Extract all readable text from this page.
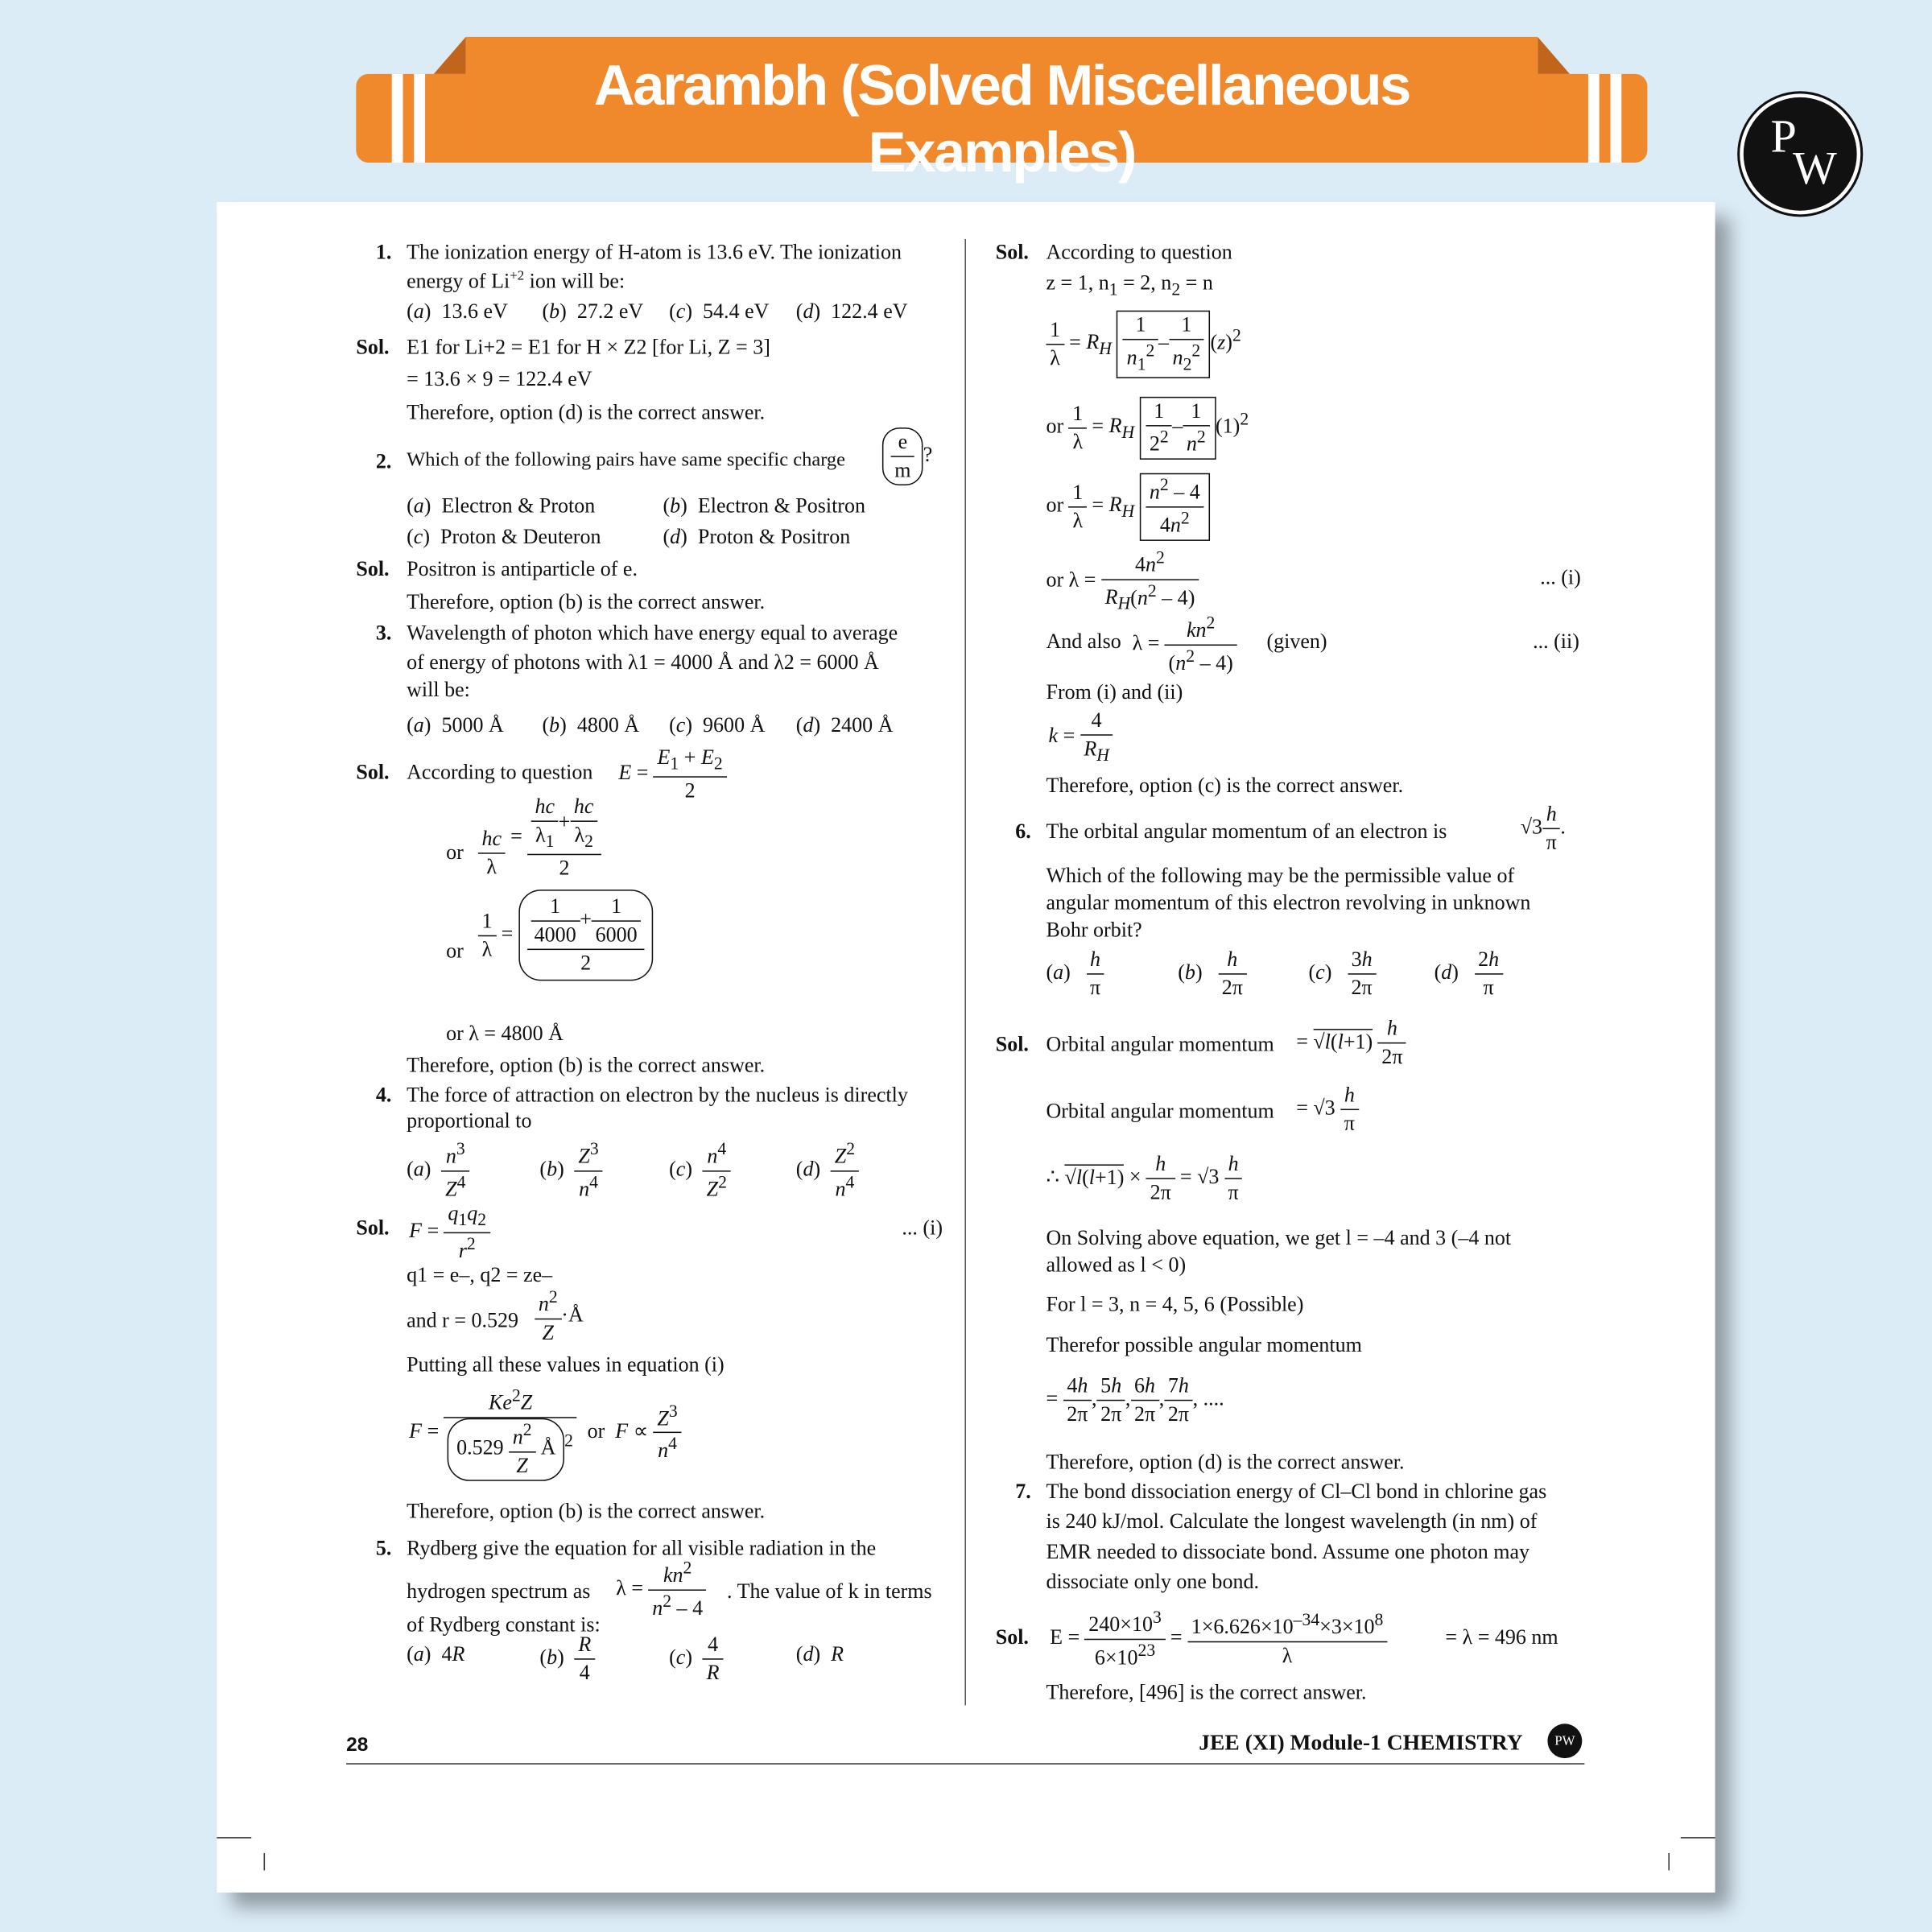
Aarambh (Solved Miscellaneous Examples)	P
W
1. The ionization energy of H-atom is 13.6 eV. The ionization
energy of $Li^{+2}$ ion will be:
(a)  13.6 eV	(b)  27.2 eV (c)  54.4 eV (d)  122.4 eV
Sol. E1 for Li+2 = E1 for H × Z2 [for Li, Z = 3]
= 13.6 × 9 = 122.4 eV
Therefore, option (d) is the correct answer.
2. Which of the following pairs have same specific charge	$\frac{e}{m}$ ?
(a)  Electron & Proton	(b)  Electron & Positron
(c)  Proton & Deuteron	(d)  Proton & Positron
Sol. Positron is antiparticle of e.
Therefore, option (b) is the correct answer.
3. Wavelength of photon which have energy equal to average
of energy of photons with λ1 = 4000 Å and λ2 = 6000 Å
will be:
(a)  5000 Å	(b)  4800 Å (c)  9600 Å (d)  2400 Å
Sol. According to question $E = \frac{E_1 + E_2}{2}$
or $\frac{hc}{\lambda} = \frac{\frac{hc}{\lambda_1} + \frac{hc}{\lambda_2}}{2}$
or $\frac{1}{\lambda} = \frac{\frac{1}{4000} + \frac{1}{6000}}{2}$
or λ = 4800 Å
Therefore, option (b) is the correct answer.
4. The force of attraction on electron by the nucleus is directly
proportional to
$(a) \frac{n^3}{Z^4}$	$(b) \frac{Z^3}{n^4}$	$(c) \frac{n^4}{Z^2}$	$(d) \frac{Z^2}{n^4}$
Sol. $F = \frac{q_1q_2}{r^2}$	... (i)
q1 = e–, q2 = ze–
and $r = 0.529 \frac{n^2}{Z}$ ·Å
Putting all these values in equation (i)
$F = \frac{Ke^2Z}{0.529 \frac{n^2}{Z} Å ^2}$ or  $F \propto \frac{Z^3}{n^4}$
Therefore, option (b) is the correct answer.
5. Rydberg give the equation for all visible radiation in the
hydrogen spectrum as $\lambda = \frac{kn^2}{n^2 - 4}$ . The value of k in terms
of Rydberg constant is:
(a)  4R	$(b) \frac{R}{4}$	$(c) \frac{4}{R}$	(d)  R
Sol. According to question
z = 1, $n_1 = 2$, $n_2 = n$
$\frac{1}{\lambda} = R_H \frac{1}{n_1^2} - \frac{1}{n_2^2} (z)^2$
or $\frac{1}{\lambda} = R_H \frac{1}{2^2} - \frac{1}{n^2} (1)^2$
or $\frac{1}{\lambda} = R_H \frac{n^2 - 4}{4n^2}$
or $\lambda = \frac{4n^2}{R_H(n^2 - 4)}$	... (i)
And also $\lambda = \frac{kn^2}{(n^2 - 4)}$ (given)	... (ii)
From (i) and (ii)
$k = \frac{4}{R_H}$
Therefore, option (c) is the correct answer.
6. The orbital angular momentum of an electron is	$√3 \frac{h}{\pi}$ .
Which of the following may be the permissible value of
angular momentum of this electron revolving in unknown
Bohr orbit?
$(a) \frac{h}{\pi}$	$(b) \frac{h}{2\pi}$	$(c) \frac{3h}{2\pi}$	$(d) \frac{2h}{\pi}$
Sol. Orbital angular momentum = $√l(l+1) \frac{h}{2\pi}$
Orbital angular momentum = $√3 \frac{h}{\pi}$
∴ $√l(l+1) \times \frac{h}{2\pi} = √3 \frac{h}{\pi}$
On Solving above equation, we get l = –4 and 3 (–4 not
allowed as l < 0)
For l = 3, n = 4, 5, 6 (Possible)
Therefor possible angular momentum
= $\frac{4h}{2\pi}$ , $\frac{5h}{2\pi}$ , $\frac{6h}{2\pi}$ , $\frac{7h}{2\pi}$ , ....
Therefore, option (d) is the correct answer.
7. The bond dissociation energy of Cl–Cl bond in chlorine gas
is 240 kJ/mol. Calculate the longest wavelength (in nm) of
EMR needed to dissociate bond. Assume one photon may
dissociate only one bond.
Sol. $E = \frac{240\times 10^3}{6\times 10^{23}} = \frac{1\times 6.626\times 10^{-34}\times 3\times 10^8}{\lambda}$	= λ = 496 nm
Therefore, [496] is the correct answer.
28	JEE (XI) Module-1 CHEMISTRY	PW
